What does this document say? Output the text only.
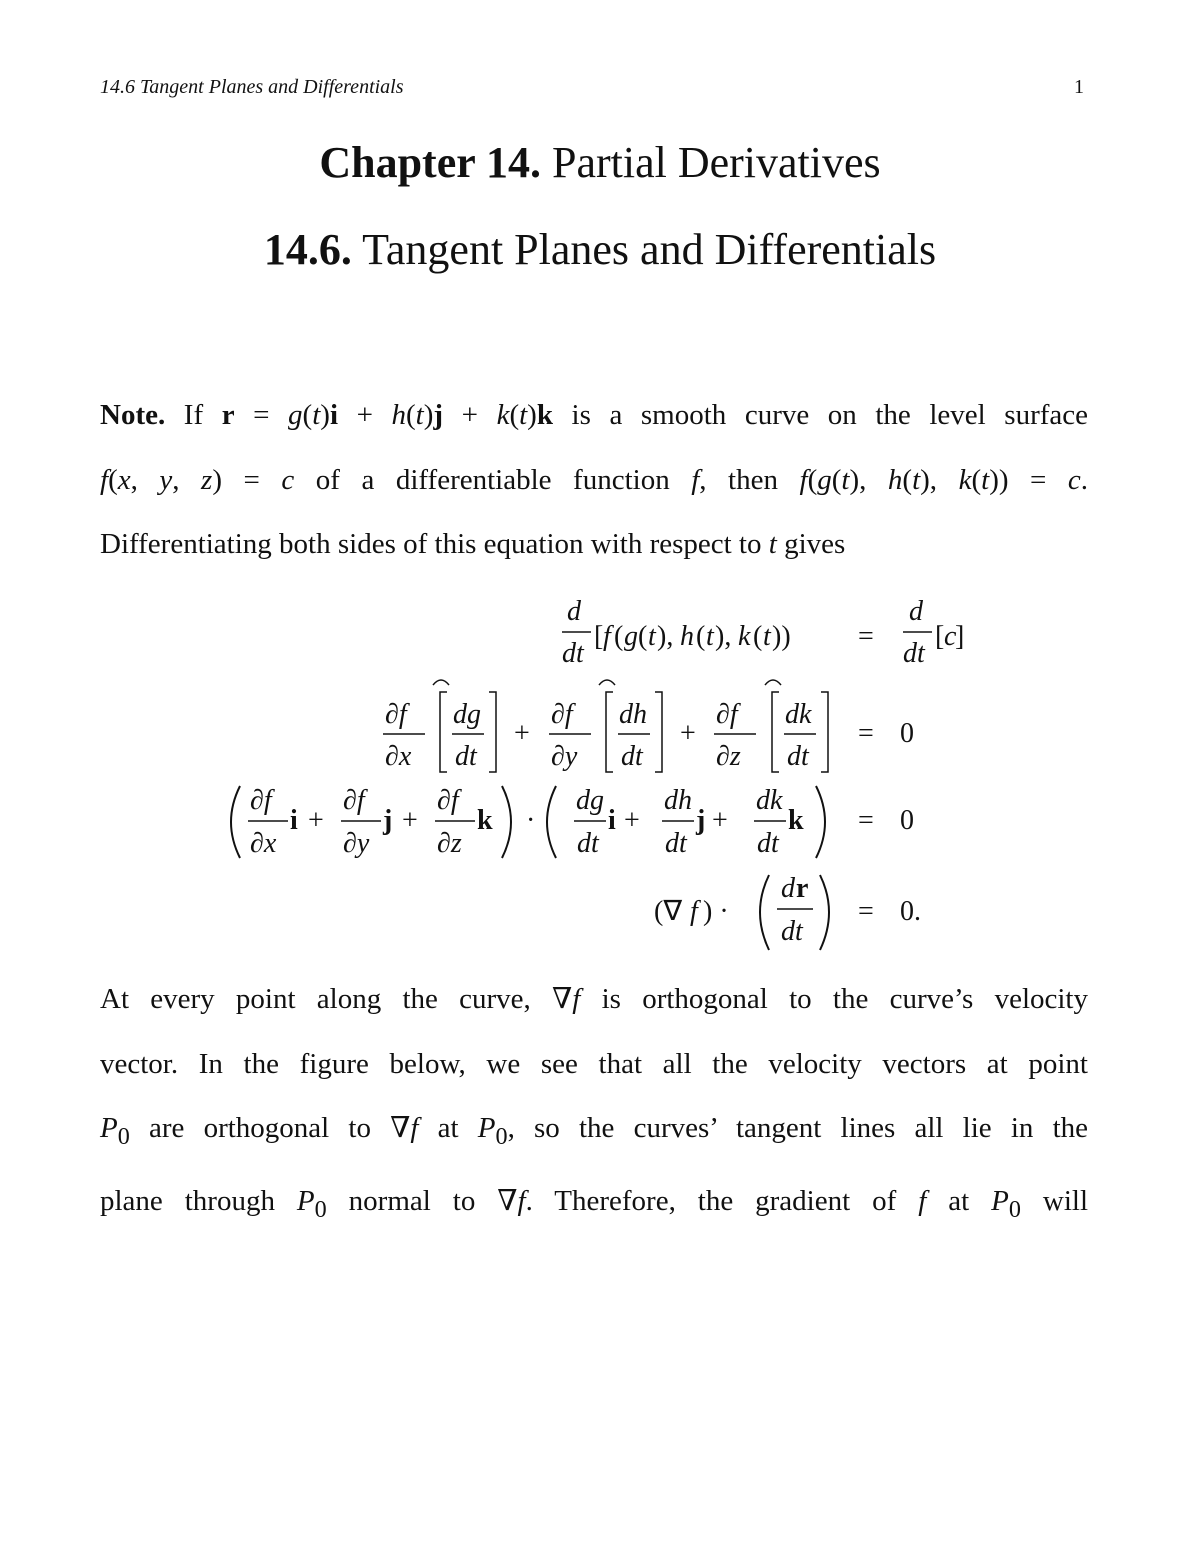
14.6 Tangent Planes and Differentials	1
Chapter 14. Partial Derivatives
14.6. Tangent Planes and Differentials
Note. If r = g(t)i + h(t)j + k(t)k is a smooth curve on the level surface
f(x, y, z) = c of a differentiable function f, then f(g(t), h(t), k(t)) = c.
Differentiating both sides of this equation with respect to t gives
d
dt
[ f ( g ( t ), h ( t ), k ( t )) =
d
dt
[ c
]
∂f
∂x
dg
dt
+
∂f
∂y
dh
dt
+
∂f
∂z
dk
dt
= 0
∂f
∂x
i +
∂f
∂y
j +
∂f
∂z
k ·
dg
dt
i +
dh
dt
j +
dk
dt
k = 0
(∇ f ) ·
d r
dt
= 0.
At every point along the curve, ∇f is orthogonal to the curve’s velocity
vector. In the figure below, we see that all the velocity vectors at point
$P_0$ are orthogonal to ∇f at $P_0$, so the curves’ tangent lines all lie in the
plane through $P_0$ normal to ∇f. Therefore, the gradient of f at $P_0$ will
